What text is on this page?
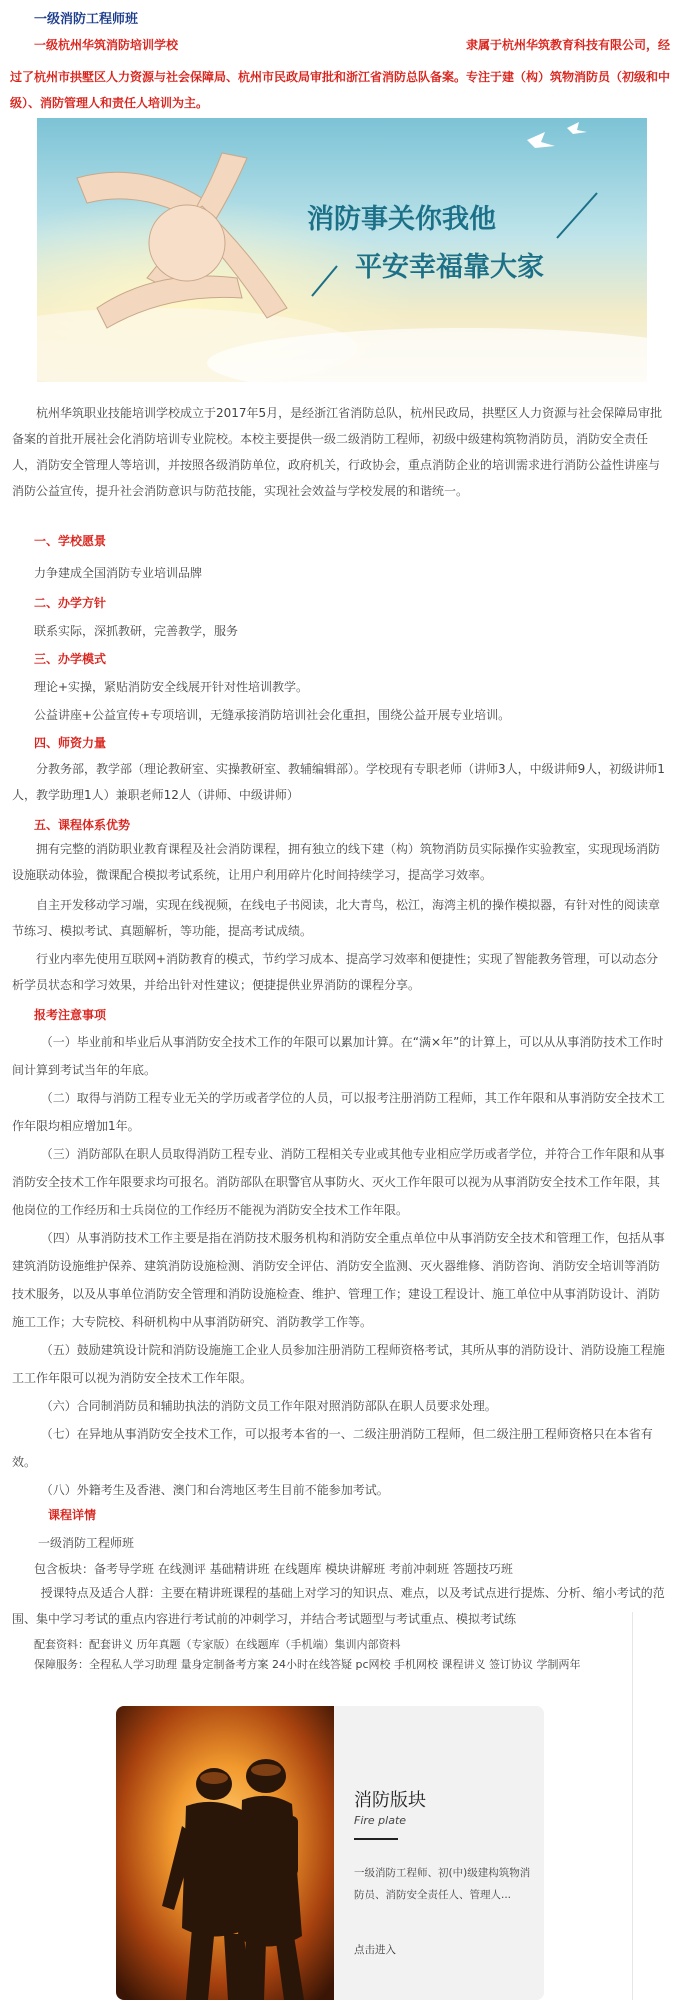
一级消防工程师班
一级杭州华筑消防培训学校	隶属于杭州华筑教育科技有限公司，经
过了杭州市拱墅区人力资源与社会保障局、杭州市民政局审批和浙江省消防总队备案。专注于建（构）筑物消防员（初级和中级）、消防管理人和责任人培训为主。
消防事关你我他
平安幸福靠大家
杭州华筑职业技能培训学校成立于2017年5月，是经浙江省消防总队，杭州民政局，拱墅区人力资源与社会保障局审批备案的首批开展社会化消防培训专业院校。本校主要提供一级二级消防工程师，初级中级建构筑物消防员，消防安全责任人，消防安全管理人等培训，并按照各级消防单位，政府机关，行政协会，重点消防企业的培训需求进行消防公益性讲座与消防公益宣传，提升社会消防意识与防范技能，实现社会效益与学校发展的和谐统一。
一、学校愿景
力争建成全国消防专业培训品牌
二、办学方针
联系实际，深抓教研，完善教学，服务
三、办学模式
理论+实操，紧贴消防安全线展开针对性培训教学。
公益讲座+公益宣传+专项培训，无缝承接消防培训社会化重担，围绕公益开展专业培训。
四、师资力量
分教务部，教学部（理论教研室、实操教研室、教辅编辑部）。学校现有专职老师（讲师3人，中级讲师9人，初级讲师1人，教学助理1人）兼职老师12人（讲师、中级讲师）
五、课程体系优势
拥有完整的消防职业教育课程及社会消防课程，拥有独立的线下建（构）筑物消防员实际操作实验教室，实现现场消防设施联动体验，微课配合模拟考试系统，让用户利用碎片化时间持续学习，提高学习效率。
自主开发移动学习端，实现在线视频，在线电子书阅读，北大青鸟，松江，海湾主机的操作模拟器，有针对性的阅读章节练习、模拟考试、真题解析，等功能，提高考试成绩。
行业内率先使用互联网+消防教育的模式，节约学习成本、提高学习效率和便捷性；实现了智能教务管理，可以动态分析学员状态和学习效果，并给出针对性建议；便捷提供业界消防的课程分享。
报考注意事项
（一）毕业前和毕业后从事消防安全技术工作的年限可以累加计算。在“满×年”的计算上，可以从从事消防技术工作时间计算到考试当年的年底。
（二）取得与消防工程专业无关的学历或者学位的人员，可以报考注册消防工程师，其工作年限和从事消防安全技术工作年限均相应增加1年。
（三）消防部队在职人员取得消防工程专业、消防工程相关专业或其他专业相应学历或者学位，并符合工作年限和从事消防安全技术工作年限要求均可报名。消防部队在职警官从事防火、灭火工作年限可以视为从事消防安全技术工作年限，其他岗位的工作经历和士兵岗位的工作经历不能视为消防安全技术工作年限。
（四）从事消防技术工作主要是指在消防技术服务机构和消防安全重点单位中从事消防安全技术和管理工作，包括从事建筑消防设施维护保养、建筑消防设施检测、消防安全评估、消防安全监测、灭火器维修、消防咨询、消防安全培训等消防技术服务，以及从事单位消防安全管理和消防设施检查、维护、管理工作；建设工程设计、施工单位中从事消防设计、消防施工工作；大专院校、科研机构中从事消防研究、消防教学工作等。
（五）鼓励建筑设计院和消防设施施工企业人员参加注册消防工程师资格考试，其所从事的消防设计、消防设施工程施工工作年限可以视为消防安全技术工作年限。
（六）合同制消防员和辅助执法的消防文员工作年限对照消防部队在职人员要求处理。
（七）在异地从事消防安全技术工作，可以报考本省的一、二级注册消防工程师，但二级注册工程师资格只在本省有效。
（八）外籍考生及香港、澳门和台湾地区考生目前不能参加考试。
课程详情
一级消防工程师班
包含板块：备考导学班 在线测评 基础精讲班 在线题库 模块讲解班 考前冲刺班 答题技巧班
授课特点及适合人群：主要在精讲班课程的基础上对学习的知识点、难点，以及考试点进行提炼、分析、缩小考试的范围、集中学习考试的重点内容进行考试前的冲刺学习，并结合考试题型与考试重点、模拟考试练
配套资料：配套讲义 历年真题（专家版）在线题库（手机端）集训内部资料
保障服务：全程私人学习助理 量身定制备考方案 24小时在线答疑 pc网校 手机网校 课程讲义 签订协议 学制两年
消防版块
Fire plate
一级消防工程师、初(中)级建构筑物消防员、消防安全责任人、管理人...
点击进入
